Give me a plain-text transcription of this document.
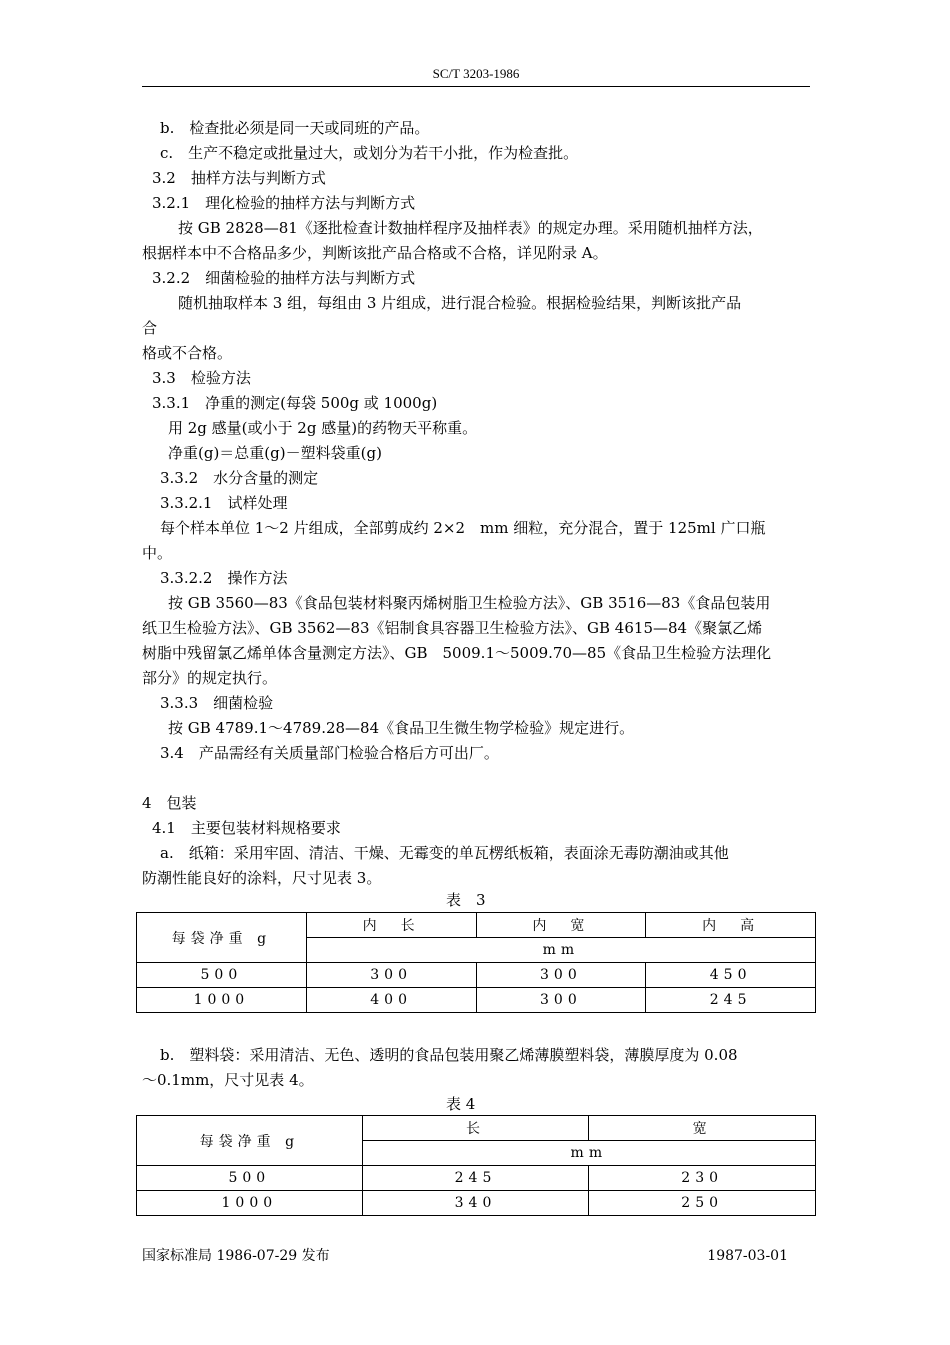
SC/T 3203-1986
b.　检查批必须是同一天或同班的产品。
c.　生产不稳定或批量过大，或划分为若干小批，作为检查批。
3.2　抽样方法与判断方式
3.2.1　理化检验的抽样方法与判断方式
按 GB 2828—81《逐批检查计数抽样程序及抽样表》的规定办理。采用随机抽样方法，
根据样本中不合格品多少，判断该批产品合格或不合格，详见附录 A。
3.2.2　细菌检验的抽样方法与判断方式
随机抽取样本 3 组，每组由 3 片组成，进行混合检验。根据检验结果，判断该批产品
合
格或不合格。
3.3　检验方法
3.3.1　净重的测定(每袋 500g 或 1000g)
用 2g 感量(或小于 2g 感量)的药物天平称重。
净重(g)＝总重(g)－塑料袋重(g)
3.3.2　水分含量的测定
3.3.2.1　试样处理
每个样本单位 1～2 片组成，全部剪成约 2×2　mm 细粒，充分混合，置于 125ml 广口瓶
中。
3.3.2.2　操作方法
按 GB 3560—83《食品包装材料聚丙烯树脂卫生检验方法》、GB 3516—83《食品包装用
纸卫生检验方法》、GB 3562—83《铝制食具容器卫生检验方法》、GB 4615—84《聚氯乙烯
树脂中残留氯乙烯单体含量测定方法》、GB　5009.1～5009.70—85《食品卫生检验方法理化
部分》的规定执行。
3.3.3　细菌检验
按 GB 4789.1～4789.28—84《食品卫生微生物学检验》规定进行。
3.4　产品需经有关质量部门检验合格后方可出厂。
4　包装
4.1　主要包装材料规格要求
a.　纸箱：采用牢固、清洁、干燥、无霉变的单瓦楞纸板箱，表面涂无毒防潮油或其他
防潮性能良好的涂料，尺寸见表 3。
表　3
每袋净重 g	内　长	内　宽	内　高
	mm		
500	300	300	450
1000	400	300	245
b.　塑料袋：采用清洁、无色、透明的食品包装用聚乙烯薄膜塑料袋，薄膜厚度为 0.08
～0.1mm，尺寸见表 4。
表 4
每袋净重 g	长	宽
	mm	
500	245	230
1000	340	250
国家标准局 1986-07-29 发布	1987-03-01
